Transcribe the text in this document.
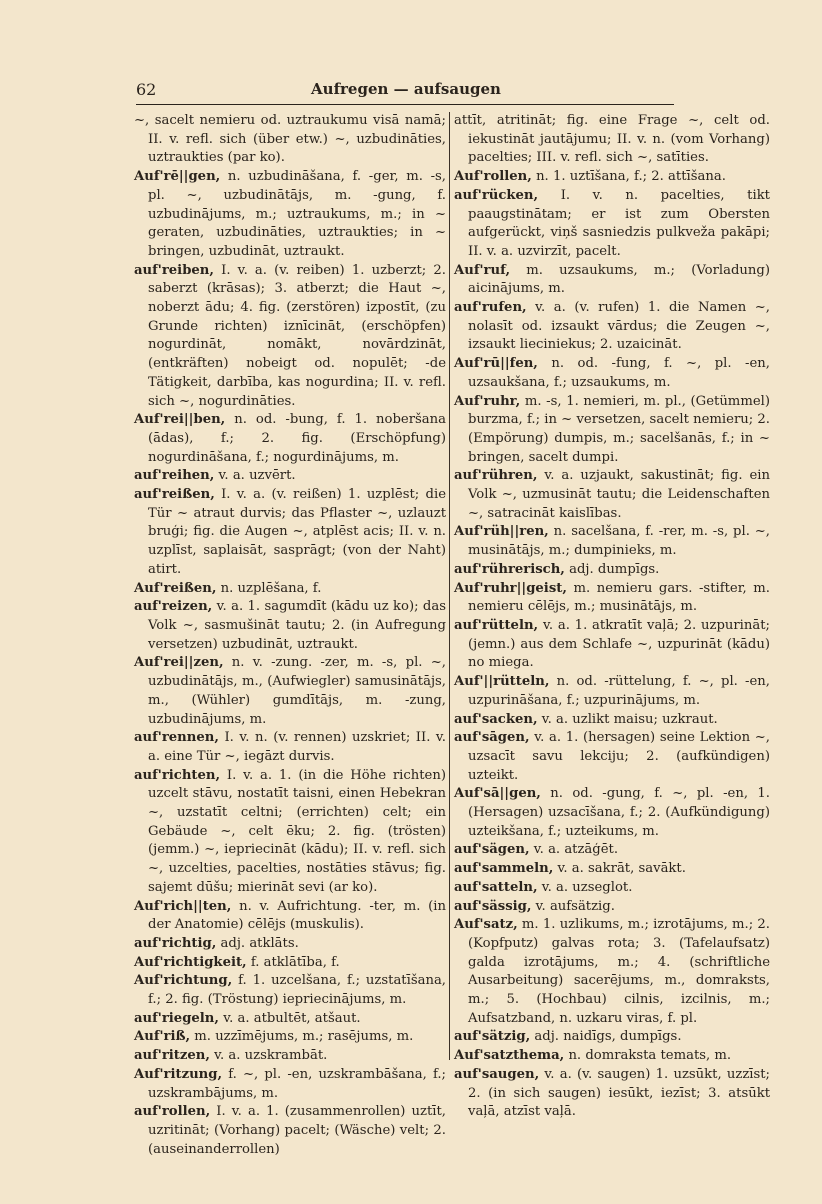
62	Aufregen — aufsaugen

~, sacelt nemieru od. uztraukumu visā namā; II. v. refl. sich (über etw.) ~, uzbudināties, uztraukties (par ko).

Auf'rē||gen, n. uzbudināšana, f. -ger, m. -s, pl. ~, uzbudinātājs, m. -gung, f. uzbudinājums, m.; uztraukums, m.; in ~ geraten, uzbudināties, uztraukties; in ~ bringen, uzbudināt, uztraukt.

auf'reiben, I. v. a. (v. reiben) 1. uzberzt; 2. saberzt (krāsas); 3. atberzt; die Haut ~, noberzt ādu; 4. fig. (zerstören) izpostīt, (zu Grunde richten) iznīcināt, (erschöpfen) nogurdināt, nomākt, novārdzināt, (entkräften) nobeigt od. nopulēt; -de Tätigkeit, darbība, kas nogurdina; II. v. refl. sich ~, nogurdināties.

Auf'rei||ben, n. od. -bung, f. 1. noberšana (ādas), f.; 2. fig. (Erschöpfung) nogurdināšana, f.; nogurdinājums, m.

auf'reihen, v. a. uzvērt.

auf'reißen, I. v. a. (v. reißen) 1. uzplēst; die Tür ~ atraut durvis; das Pflaster ~, uzlauzt bruģi; fig. die Augen ~, atplēst acis; II. v. n. uzplīst, saplaisāt, sasprāgt; (von der Naht) atirt.

Auf'reißen, n. uzplēšana, f.

auf'reizen, v. a. 1. sagumdīt (kādu uz ko); das Volk ~, sasmušināt tautu; 2. (in Aufregung versetzen) uzbudināt, uztraukt.

Auf'rei||zen, n. v. -zung. -zer, m. -s, pl. ~, uzbudinātājs, m., (Aufwiegler) samusinātājs, m., (Wühler) gumdītājs, m. -zung, uzbudinājums, m.

auf'rennen, I. v. n. (v. rennen) uzskriet; II. v. a. eine Tür ~, iegāzt durvis.

auf'richten, I. v. a. 1. (in die Höhe richten) uzcelt stāvu, nostatīt taisni, einen Hebekran ~, uzstatīt celtni; (errichten) celt; ein Gebäude ~, celt ēku; 2. fig. (trösten) (jemm.) ~, iepriecināt (kādu); II. v. refl. sich ~, uzcelties, pacelties, nostāties stāvus; fig. sajemt dūšu; mierināt sevi (ar ko).

Auf'rich||ten, n. v. Aufrichtung. -ter, m. (in der Anatomie) cēlējs (muskulis).

auf'richtig, adj. atklāts.

Auf'richtigkeit, f. atklātība, f.

Auf'richtung, f. 1. uzcelšana, f.; uzstatīšana, f.; 2. fig. (Tröstung) iepriecinājums, m.

auf'riegeln, v. a. atbultēt, atšaut.

Auf'riß, m. uzzīmējums, m.; rasējums, m.

auf'ritzen, v. a. uzskrambāt.

Auf'ritzung, f. ~, pl. -en, uzskrambāšana, f.; uzskrambājums, m.

auf'rollen, I. v. a. 1. (zusammenrollen) uztīt, uzritināt; (Vorhang) pacelt; (Wäsche) velt; 2. (auseinanderrollen)

attīt, atritināt; fig. eine Frage ~, celt od. iekustināt jautājumu; II. v. n. (vom Vorhang) pacelties; III. v. refl. sich ~, satīties.

Auf'rollen, n. 1. uztīšana, f.; 2. attīšana.

auf'rücken, I. v. n. pacelties, tikt paaugstinātam; er ist zum Obersten aufgerückt, viņš sasniedzis pulkveža pakāpi; II. v. a. uzvirzīt, pacelt.

Auf'ruf, m. uzsaukums, m.; (Vorladung) aicinājums, m.

auf'rufen, v. a. (v. rufen) 1. die Namen ~, nolasīt od. izsaukt vārdus; die Zeugen ~, izsaukt lieciniekus; 2. uzaicināt.

Auf'rū||fen, n. od. -fung, f. ~, pl. -en, uzsaukšana, f.; uzsaukums, m.

Auf'ruhr, m. -s, 1. nemieri, m. pl., (Getümmel) burzma, f.; in ~ versetzen, sacelt nemieru; 2. (Empörung) dumpis, m.; sacelšanās, f.; in ~ bringen, sacelt dumpi.

auf'rühren, v. a. uzjaukt, sakustināt; fig. ein Volk ~, uzmusināt tautu; die Leidenschaften ~, satracināt kaislības.

Auf'rüh||ren, n. sacelšana, f. -rer, m. -s, pl. ~, musinātājs, m.; dumpinieks, m.

auf'rührerisch, adj. dumpīgs.

Auf'ruhr||geist, m. nemieru gars. -stifter, m. nemieru cēlējs, m.; musinātājs, m.

auf'rütteln, v. a. 1. atkratīt vaļā; 2. uzpurināt; (jemn.) aus dem Schlafe ~, uzpurināt (kādu) no miega.

Auf'||rütteln, n. od. -rüttelung, f. ~, pl. -en, uzpurināšana, f.; uzpurinājums, m.

auf'sacken, v. a. uzlikt maisu; uzkraut.

auf'sāgen, v. a. 1. (hersagen) seine Lektion ~, uzsacīt savu lekciju; 2. (aufkündigen) uzteikt.

Auf'sā||gen, n. od. -gung, f. ~, pl. -en, 1. (Hersagen) uzsacīšana, f.; 2. (Aufkündigung) uzteikšana, f.; uzteikums, m.

auf'sägen, v. a. atzāģēt.

auf'sammeln, v. a. sakrāt, savākt.

auf'satteln, v. a. uzseglot.

auf'sässig, v. aufsätzig.

Auf'satz, m. 1. uzlikums, m.; izrotājums, m.; 2. (Kopfputz) galvas rota; 3. (Tafelaufsatz) galda izrotājums, m.; 4. (schriftliche Ausarbeitung) sacerējums, m., domraksts, m.; 5. (Hochbau) cilnis, izcilnis, m.; Aufsatzband, n. uzkaru viras, f. pl.

auf'sätzig, adj. naidīgs, dumpīgs.

Auf'satzthema, n. domraksta temats, m.

auf'saugen, v. a. (v. saugen) 1. uzsūkt, uzzīst; 2. (in sich saugen) iesūkt, iezīst; 3. atsūkt vaļā, atzīst vaļā.
